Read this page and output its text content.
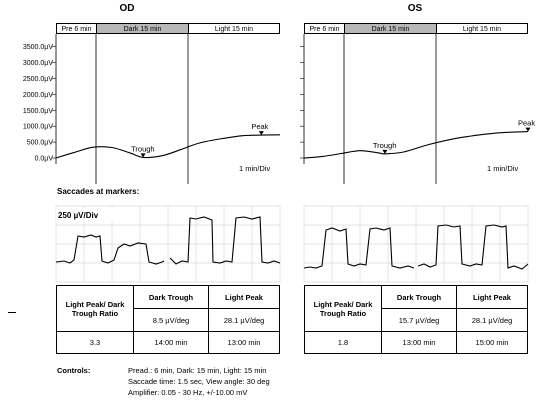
OD	OS
Pre 6 min	Dark 15 min	Light 15 min	Pre 6 min	Dark 15 min	Light 15 min
0.0µV
500.0µV
1000.0µV
1500.0µV
2000.0µV
2500.0µV
3000.0µV
3500.0µV
Trough
Peak
1 min/Div
Trough
Peak
1 min/Div
Saccades at markers:
250 µV/Div
Light Peak/ Dark Trough Ratio	Dark Trough	Light Peak
	8.5 µV/deg	28.1 µV/deg
3.3	14:00 min	13:00 min
Light Peak/ Dark Trough Ratio	Dark Trough	Light Peak
	15.7 µV/deg	28.1 µV/deg
1.8	13:00 min	15:00 min
Controls:	Pread.: 6 min, Dark: 15 min, Light: 15 min
Saccade time: 1.5 sec, View angle: 30 deg
Amplifier: 0.05 - 30 Hz, +/-10.00 mV
